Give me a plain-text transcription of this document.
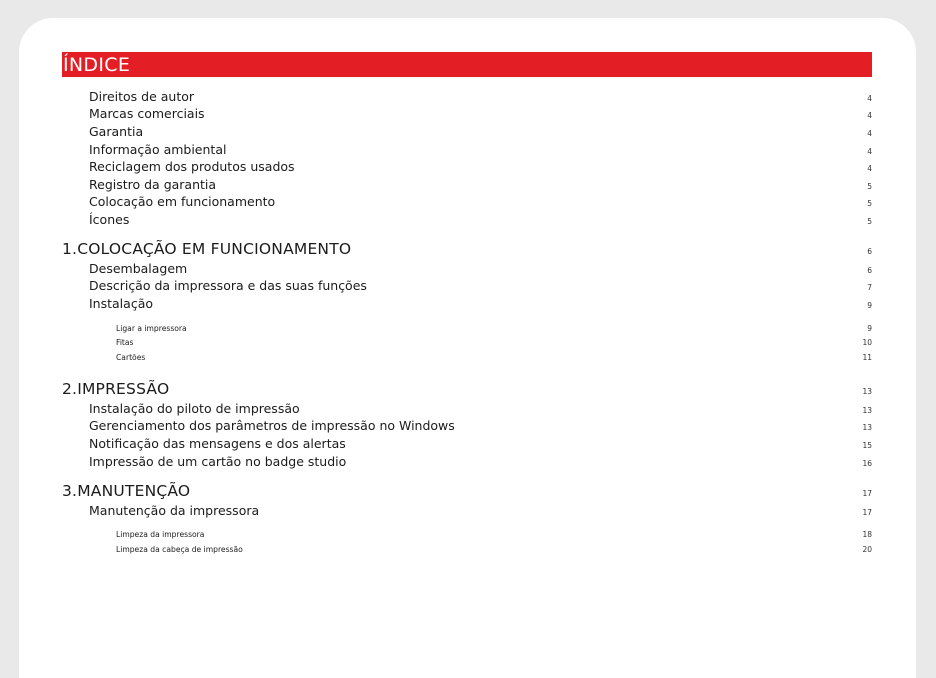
ÍNDICE
Direitos de autor	4
Marcas comerciais	4
Garantia	4
Informação ambiental	4
Reciclagem dos produtos usados	4
Registro da garantia	5
Colocação em funcionamento	5
Ícones	5
1.COLOCAÇÃO EM FUNCIONAMENTO	6
Desembalagem	6
Descrição da impressora e das suas funções	7
Instalação	9
Ligar a impressora	9
Fitas	10
Cartões	11
2.IMPRESSÃO	13
Instalação do piloto de impressão	13
Gerenciamento dos parâmetros de impressão no Windows	13
Notificação das mensagens e dos alertas	15
Impressão de um cartão no badge studio	16
3.MANUTENÇÃO	17
Manutenção da impressora	17
Limpeza da impressora	18
Limpeza da cabeça de impressão	20
